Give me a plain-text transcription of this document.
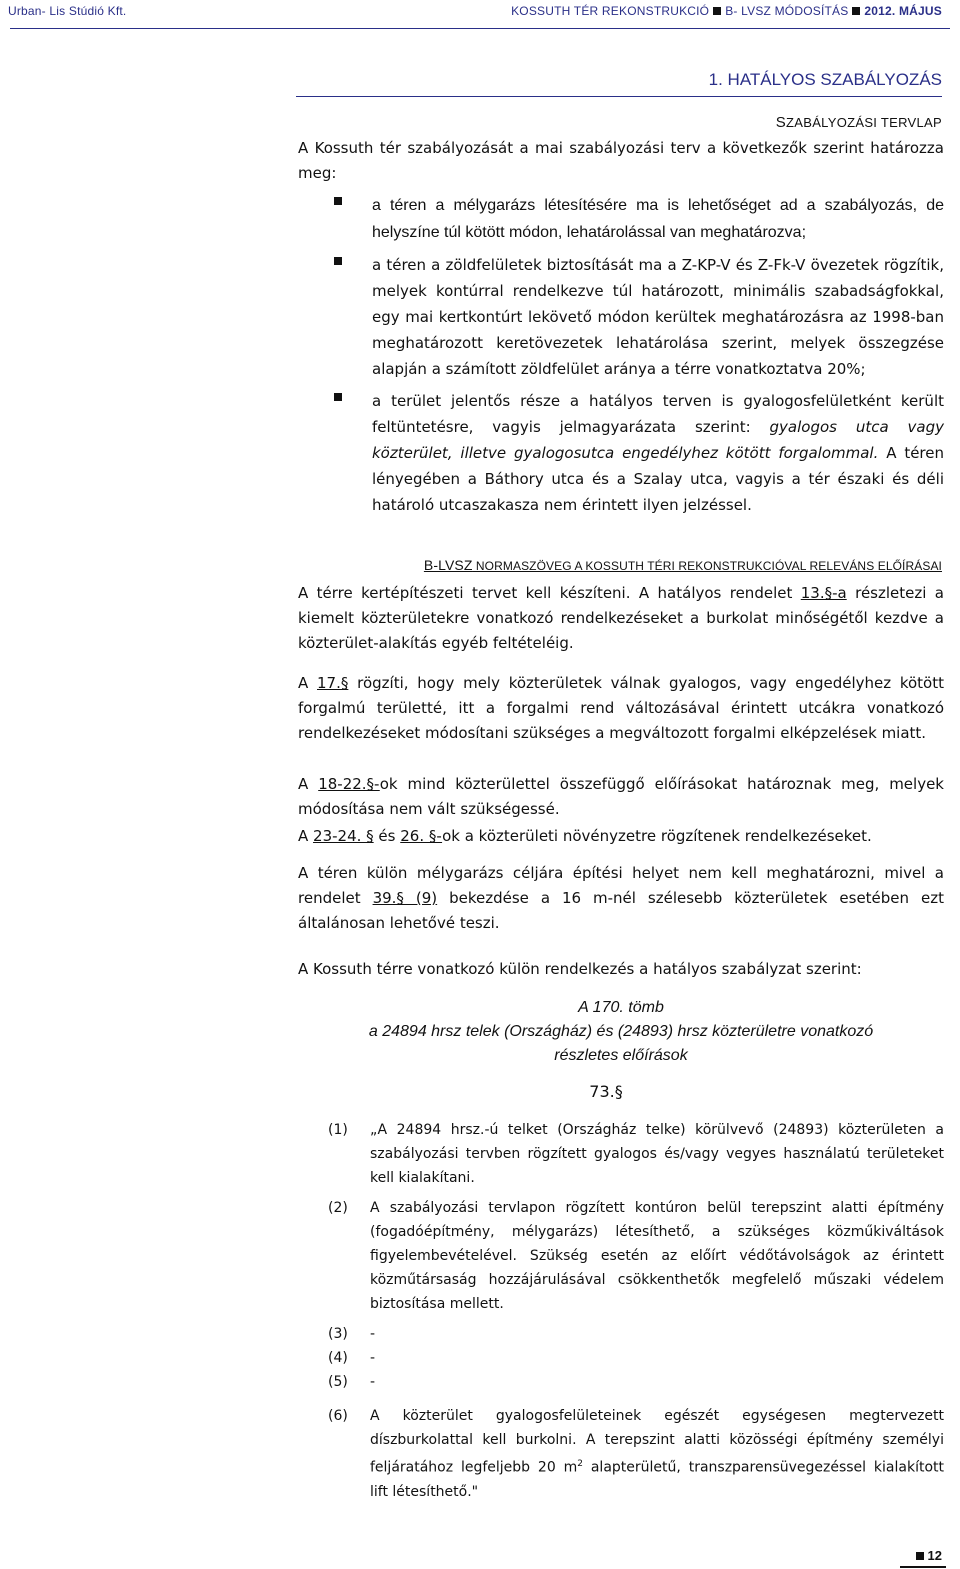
Urban- Lis Stúdió Kft.	KOSSUTH TÉR REKONSTRUKCIÓ B- LVSZ MÓDOSÍTÁS 2012. MÁJUS
1. HATÁLYOS SZABÁLYOZÁS
SZABÁLYOZÁSI TERVLAP
A Kossuth tér szabályozását a mai szabályozási terv a következők szerint határozza meg:
a téren a mélygarázs létesítésére ma is lehetőséget ad a szabályozás, de helyszíne túl kötött módon, lehatárolással van meghatározva;
a téren a zöldfelületek biztosítását ma a Z-KP-V és Z-Fk-V övezetek rögzítik, melyek kontúrral rendelkezve túl határozott, minimális szabadságfokkal, egy mai kertkontúrt lekövető módon kerültek meghatározásra az 1998-ban meghatározott keretövezetek lehatárolása szerint, melyek összegzése alapján a számított zöldfelület aránya a térre vonatkoztatva 20%;
a terület jelentős része a hatályos terven is gyalogosfelületként került feltüntetésre, vagyis jelmagyarázata szerint: gyalogos utca vagy közterület, illetve gyalogosutca engedélyhez kötött forgalommal. A téren lényegében a Báthory utca és a Szalay utca, vagyis a tér északi és déli határoló utcaszakasza nem érintett ilyen jelzéssel.
B-LVSZ NORMASZÖVEG A KOSSUTH TÉRI REKONSTRUKCIÓVAL RELEVÁNS ELŐÍRÁSAI
A térre kertépítészeti tervet kell készíteni. A hatályos rendelet 13.§-a részletezi a kiemelt közterületekre vonatkozó rendelkezéseket a burkolat minőségétől kezdve a közterület-alakítás egyéb feltételéig.
A 17.§ rögzíti, hogy mely közterületek válnak gyalogos, vagy engedélyhez kötött forgalmú területté, itt a forgalmi rend változásával érintett utcákra vonatkozó rendelkezéseket módosítani szükséges a megváltozott forgalmi elképzelések miatt.
A 18-22.§-ok mind közterülettel összefüggő előírásokat határoznak meg, melyek módosítása nem vált szükségessé.
A 23-24. § és 26. §-ok a közterületi növényzetre rögzítenek rendelkezéseket.
A téren külön mélygarázs céljára építési helyet nem kell meghatározni, mivel a rendelet 39.§ (9) bekezdése a 16 m-nél szélesebb közterületek esetében ezt általánosan lehetővé teszi.
A Kossuth térre vonatkozó külön rendelkezés a hatályos szabályzat szerint:
A 170. tömb
a 24894 hrsz telek (Országház) és (24893) hrsz közterületre vonatkozó részletes előírások
73.§
(1) „A 24894 hrsz.-ú telket (Országház telke) körülvevő (24893) közterületen a szabályozási tervben rögzített gyalogos és/vagy vegyes használatú területeket kell kialakítani.
(2) A szabályozási tervlapon rögzített kontúron belül terepszint alatti építmény (fogadóépítmény, mélygarázs) létesíthető, a szükséges közműkiváltások figyelembevételével. Szükség esetén az előírt védőtávolságok az érintett közműtársaság hozzájárulásával csökkenthetők megfelelő műszaki védelem biztosítása mellett.
(3) -
(4) -
(5) -
(6) A közterület gyalogosfelületeinek egészét egységesen megtervezett díszburkolattal kell burkolni. A terepszint alatti közösségi építmény személyi feljáratához legfeljebb 20 $m^2$ alapterületű, transzparensüvegezéssel kialakított lift létesíthető."
12
